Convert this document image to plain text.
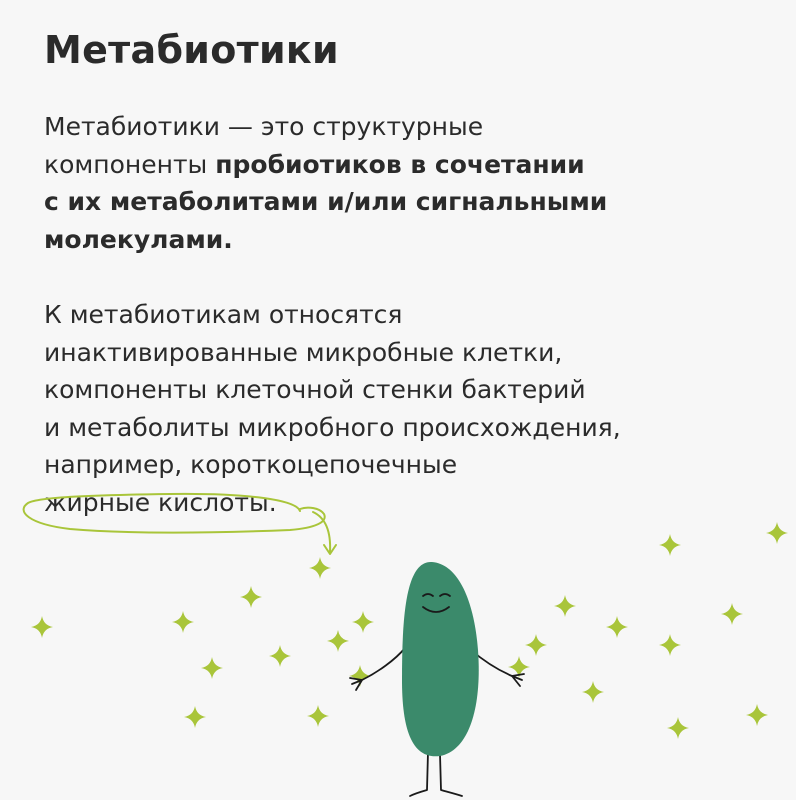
Метабиотики
Метабиотики — это структурные
компоненты пробиотиков в сочетании
с их метаболитами и/или сигнальными
молекулами.
К метабиотикам относятся
инактивированные микробные клетки,
компоненты клеточной стенки бактерий
и метаболиты микробного происхождения,
например, короткоцепочечные
жирные кислоты.
